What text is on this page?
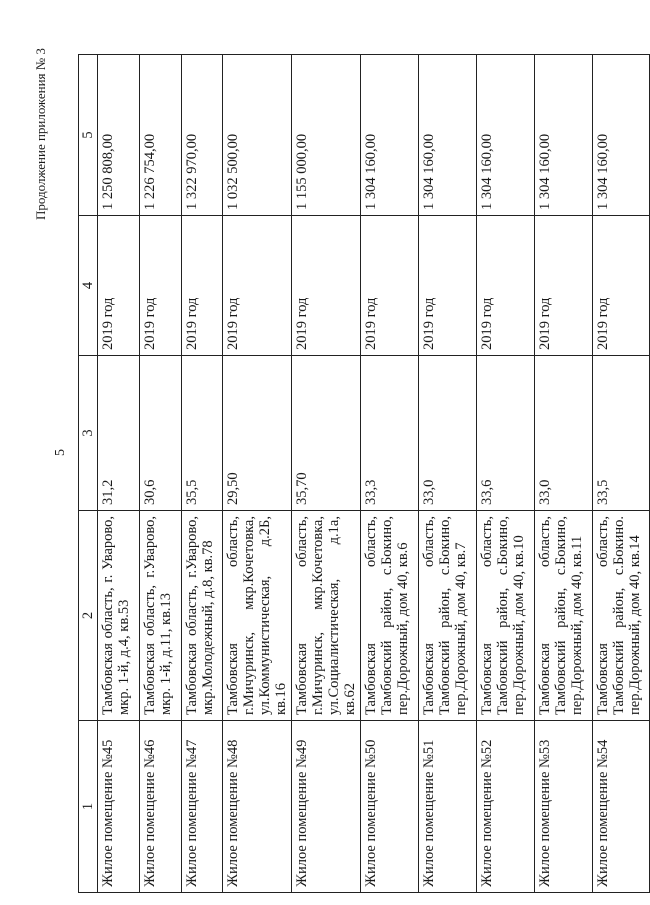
Продолжение приложения № 3
5
1	2	3	4	5
Жилое помещение №45	Тамбовская область, г. Уварово, мкр. 1-й, д.4, кв.53	31,2	2019 год	1 250 808,00
Жилое помещение №46	Тамбовская область, г.Уварово, мкр. 1-й, д.11, кв.13	30,6	2019 год	1 226 754,00
Жилое помещение №47	Тамбовская область, г.Уварово, мкр.Молодежный, д.8, кв.78	35,5	2019 год	1 322 970,00
Жилое помещение №48	Тамбовская область, г.Мичуринск, мкр.Кочетовка, ул.Коммунистическая, д.2Б, кв.16	29,50	2019 год	1 032 500,00
Жилое помещение №49	Тамбовская область, г.Мичуринск, мкр.Кочетовка, ул.Социалистическая, д.1а, кв.62	35,70	2019 год	1 155 000,00
Жилое помещение №50	Тамбовская область, Тамбовский район, с.Бокино, пер.Дорожный, дом 40, кв.6	33,3	2019 год	1 304 160,00
Жилое помещение №51	Тамбовская область, Тамбовский район, с.Бокино, пер.Дорожный, дом 40, кв.7	33,0	2019 год	1 304 160,00
Жилое помещение №52	Тамбовская область, Тамбовский район, с.Бокино, пер.Дорожный, дом 40, кв.10	33,6	2019 год	1 304 160,00
Жилое помещение №53	Тамбовская область, Тамбовский район, с.Бокино, пер.Дорожный, дом 40, кв.11	33,0	2019 год	1 304 160,00
Жилое помещение №54	Тамбовская область, Тамбовский район, с.Бокино. пер.Дорожный, дом 40, кв.14	33,5	2019 год	1 304 160,00
